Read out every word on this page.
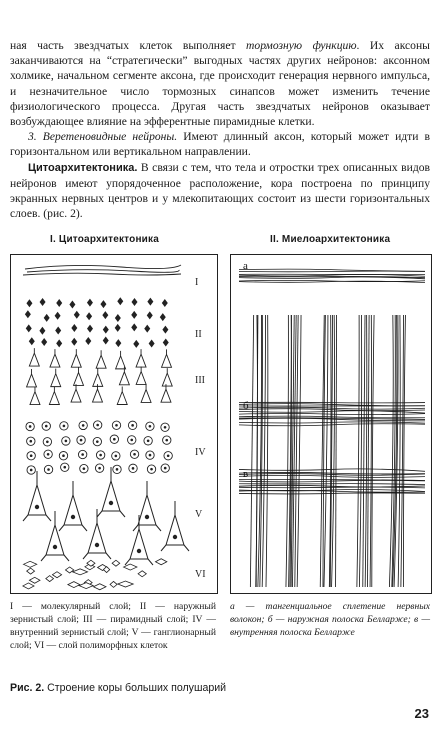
ная часть звездчатых клеток выполняет тормозную функцию. Их аксоны заканчиваются на “стратегически” выгодных частях других нейронов: аксонном холмике, начальном сегменте аксона, где происходит генерация нервного импульса, и незначительное число тормозных синапсов может изменить течение физиологического процесса. Другая часть звездчатых нейронов оказывает возбуждающее влияние на эфферентные пирамидные клетки.

3. Веретеновидные нейроны. Имеют длинный аксон, который может идти в горизонтальном или вертикальном направлении.

Цитоархитектоника. В связи с тем, что тела и отростки трех описанных видов нейронов имеют упорядоченное расположение, кора построена по принципу экранных нервных центров и у млекопитающих состоит из шести горизонтальных слоев. (рис. 2).

I. Цитоархитектоника	II. Миелоархитектоника
I
II
III
IV
V
VI
а
б
в
I — молекулярный слой; II — наружный зернистый слой; III — пирамидный слой; IV — внутренний зернистый слой; V — ганглионарный слой; VI — слой полиморфных клеток
а — тангенциальное сплетение нервных волокон; б — наружная полоска Белларже; в — внутренняя полоска Белларже
Рис. 2. Строение коры больших полушарий
23
